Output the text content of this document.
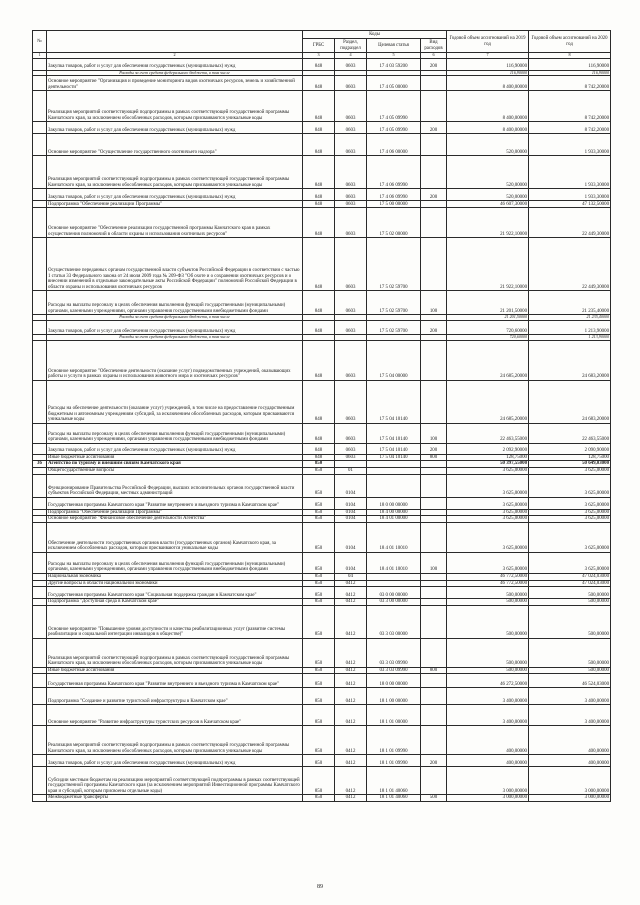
№		Коды				Годовой объем ассигнований на 2019 год	Годовой объем ассигнований на 2020 год
		ГРБС	Раздел, подраздел	Целевая статья	Вид расходов		
1	2	3	4	5	6	7	8
	Закупка товаров, работ и услуг для обеспечения государственных (муниципальных) нужд	848	0603	17 4 03 59200	200	116,90000	116,90000
	Расходы за счет средств федерального бюджета, в том числе					116,90000	116,90000
	Основное мероприятие "Организация и проведение мониторинга видов охотничьих ресурсов, земель и хозяйственной деятельности"	848	0603	17 4 05 00000		8 400,00000	8 742,20000
	Реализация мероприятий соответствующей подпрограммы в рамках соответствующей государственной программы Камчатского края, за исключением обособленных расходов, которым присваиваются уникальные коды	848	0603	17 4 05 09990		8 400,00000	8 742,20000
	Закупка товаров, работ и услуг для обеспечения государственных (муниципальных) нужд	848	0603	17 4 05 09990	200	8 400,00000	8 742,20000
	Основное мероприятие "Осуществление государственного охотничьего надзора"	848	0603	17 4 06 00000		520,00000	1 933,30000
	Реализация мероприятий соответствующей подпрограммы в рамках соответствующей государственной программы Камчатского края, за исключением обособленных расходов, которым присваиваются уникальные коды	848	0603	17 4 06 09990		520,00000	1 933,30000
	Закупка товаров, работ и услуг для обеспечения государственных (муниципальных) нужд	848	0603	17 4 06 09990	200	520,00000	1 933,30000
	Подпрограмма "Обеспечение реализации Программы"	848	0603	17 5 00 00000		46 607,30000	47 132,50000
	Основное мероприятие "Обеспечение реализации государственной программы Камчатского края в рамках осуществления полномочий в области охраны и использования охотничьих ресурсов"	848	0603	17 5 02 00000		21 922,10000	22 449,30000
	Осуществление переданных органам государственной власти субъектов Российской Федерации в соответствии с частью 1 статьи 33 Федерального закона от 24 июля 2009 года № 209-ФЗ "Об охоте и о сохранении охотничьих ресурсов и о внесении изменений в отдельные законодательные акты Российской Федерации" полномочий Российской Федерации в области охраны и использования охотничьих ресурсов	848	0603	17 5 02 59700		21 922,10000	22 449,30000
	Расходы на выплаты персоналу в целях обеспечения выполнения функций государственными (муниципальными) органами, казенными учреждениями, органами управления государственными внебюджетными фондами	848	0603	17 5 02 59700	100	21 201,50000	21 235,40000
	Расходы за счет средств федерального бюджета, в том числе					21 201,50000	21 235,40000
	Закупка товаров, работ и услуг для обеспечения государственных (муниципальных) нужд	848	0603	17 5 02 59700	200	720,60000	1 213,90000
	Расходы за счет средств федерального бюджета, в том числе					720,60000	1 213,90000
	Основное мероприятие "Обеспечение деятельности (оказание услуг) подведомственных учреждений, оказывающих работы и услуги в рамках охраны и использования животного мира и охотничьих ресурсов"	848	0603	17 5 04 00000		24 685,20000	24 683,20000
	Расходы на обеспечение деятельности (оказание услуг) учреждений, в том числе на предоставление государственным бюджетным и автономным учреждениям субсидий, за исключением обособленных расходов, которым присваиваются уникальные коды	848	0603	17 5 04 10140		24 685,20000	24 683,20000
	Расходы на выплаты персоналу в целях обеспечения выполнения функций государственными (муниципальными) органами, казенными учреждениями, органами управления государственными внебюджетными фондами	848	0603	17 5 04 10140	100	22 463,55000	22 463,55000
	Закупка товаров, работ и услуг для обеспечения государственных (муниципальных) нужд	848	0603	17 5 04 10140	200	2 092,90000	2 090,90000
	Иные бюджетные ассигнования	848	0603	17 5 04 10140	800	128,75000	128,75000
36	Агентство по туризму и внешним связям Камчатского края	850				50 397,55000	50 649,03000
	Общегосударственные вопросы	850	01			3 625,00000	3 625,00000
	Функционирование Правительства Российской Федерации, высших исполнительных органов государственной власти субъектов Российской Федерации, местных администраций	850	0104			3 625,00000	3 625,00000
	Государственная программа Камчатского края "Развитие внутреннего и въездного туризма в Камчатском крае"	850	0104	18 0 00 00000		3 625,00000	3 625,00000
	Подпрограмма "Обеспечение реализации Программы"	850	0104	18 4 00 00000		3 625,00000	3 625,00000
	Основное мероприятие "Финансовое обеспечение деятельности Агентства"	850	0104	18 4 01 00000		3 625,00000	3 625,00000
	Обеспечение деятельности государственных органов власти (государственных органов) Камчатского края, за исключением обособленных расходов, которым присваиваются уникальные коды	850	0104	18 4 01 10010		3 625,00000	3 625,00000
	Расходы на выплаты персоналу в целях обеспечения выполнения функций государственными (муниципальными) органами, казенными учреждениями, органами управления государственными внебюджетными фондами	850	0104	18 4 01 10010	100	3 625,00000	3 625,00000
	Национальная экономика	850	04			46 772,50000	47 024,03000
	Другие вопросы в области национальной экономики	850	0412			46 772,50000	47 024,03000
	Государственная программа Камчатского края "Социальная поддержка граждан в Камчатском крае"	850	0412	03 0 00 00000		500,00000	500,00000
	Подпрограмма "Доступная среда в Камчатском крае"	850	0412	03 3 00 00000		500,00000	500,00000
	Основное мероприятие "Повышение уровня доступности и качества реабилитационных услуг (развитие системы реабилитации и социальной интеграции инвалидов в обществе)"	850	0412	03 3 03 00000		500,00000	500,00000
	Реализация мероприятий соответствующей подпрограммы в рамках соответствующей государственной программы Камчатского края, за исключением обособленных расходов, которым присваиваются уникальные коды	850	0412	03 3 03 09990		500,00000	500,00000
	Иные бюджетные ассигнования	850	0412	03 3 03 09990	800	500,00000	500,00000
	Государственная программа Камчатского края "Развитие внутреннего и въездного туризма в Камчатском крае"	850	0412	18 0 00 00000		46 272,50000	46 524,03000
	Подпрограмма "Создание и развитие туристской инфраструктуры в Камчатском крае"	850	0412	18 1 00 00000		3 400,00000	3 400,00000
	Основное мероприятие "Развитие инфраструктуры туристских ресурсов в Камчатском крае"	850	0412	18 1 01 00000		3 400,00000	3 400,00000
	Реализация мероприятий соответствующей подпрограммы в рамках соответствующей государственной программы Камчатского края, за исключением обособленных расходов, которым присваиваются уникальные коды	850	0412	18 1 01 09990		400,00000	400,00000
	Закупка товаров, работ и услуг для обеспечения государственных (муниципальных) нужд	850	0412	18 1 01 09990	200	400,00000	400,00000
	Субсидии местным бюджетам на реализацию мероприятий соответствующей подпрограммы в рамках соответствующей государственной программы Камчатского края (за исключением мероприятий Инвестиционной программы Камчатского края и субсидий, которым присвоены отдельные коды)	850	0412	18 1 01 40060		3 000,00000	3 000,00000
	Межбюджетные трансферты	850	0412	18 1 01 40060	500	3 000,00000	3 000,00000
89
